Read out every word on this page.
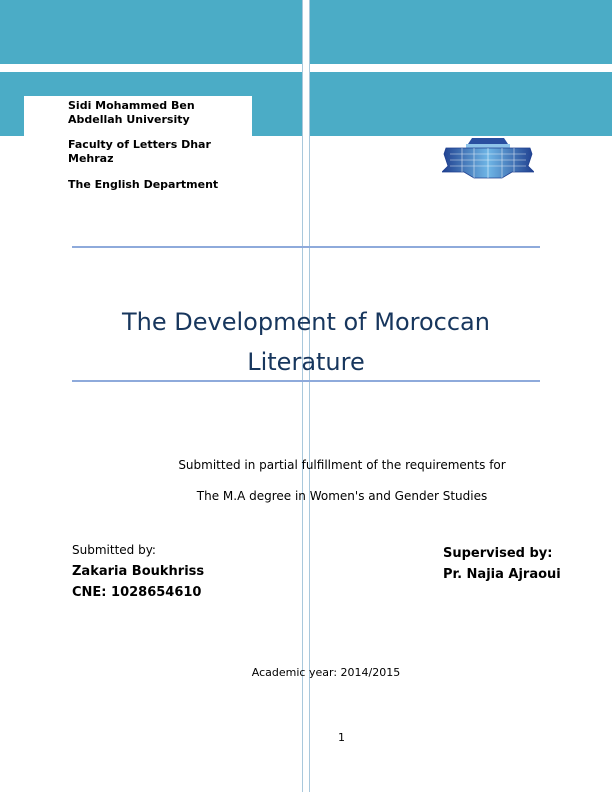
Sidi Mohammed Ben Abdellah University
Faculty of Letters Dhar Mehraz
The English Department
The Development of Moroccan Literature
Submitted in partial fulfillment of the requirements for
The M.A degree in Women's and Gender Studies
Submitted by:
Zakaria Boukhriss
CNE: 1028654610
Supervised by:
Pr. Najia Ajraoui
Academic year: 2014/2015
1
